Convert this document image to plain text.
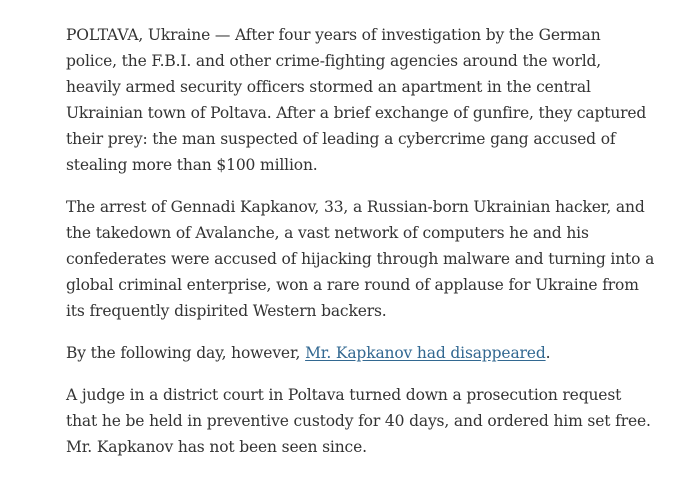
POLTAVA, Ukraine — After four years of investigation by the German
police, the F.B.I. and other crime-fighting agencies around the world,
heavily armed security officers stormed an apartment in the central
Ukrainian town of Poltava. After a brief exchange of gunfire, they captured
their prey: the man suspected of leading a cybercrime gang accused of
stealing more than $100 million.

The arrest of Gennadi Kapkanov, 33, a Russian-born Ukrainian hacker, and
the takedown of Avalanche, a vast network of computers he and his
confederates were accused of hijacking through malware and turning into a
global criminal enterprise, won a rare round of applause for Ukraine from
its frequently dispirited Western backers.

By the following day, however, Mr. Kapkanov had disappeared.

A judge in a district court in Poltava turned down a prosecution request
that he be held in preventive custody for 40 days, and ordered him set free.
Mr. Kapkanov has not been seen since.
